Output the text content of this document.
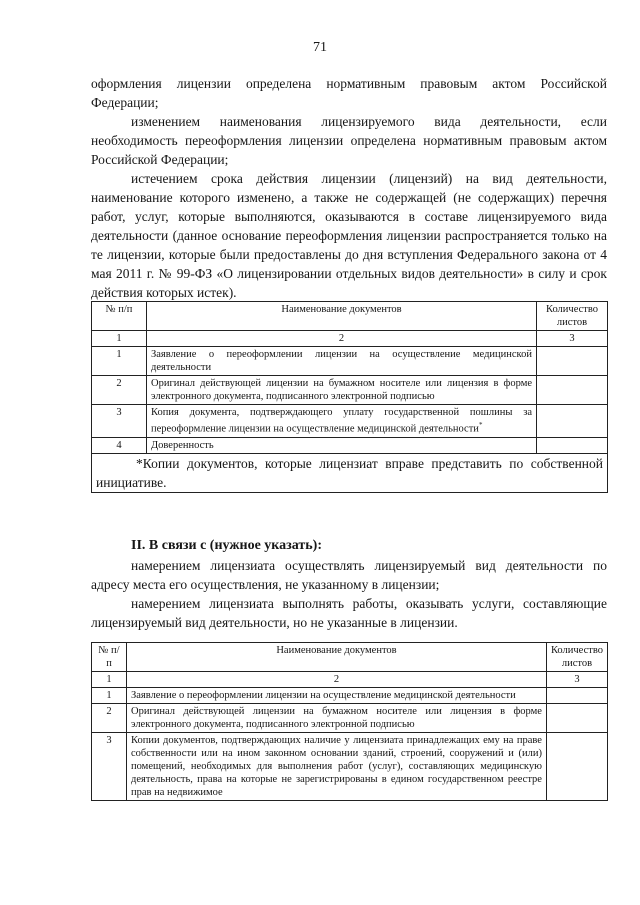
71

оформления лицензии определена нормативным правовым актом Российской Федерации;

изменением наименования лицензируемого вида деятельности, если необходимость переоформления лицензии определена нормативным правовым актом Российской Федерации;

истечением срока действия лицензии (лицензий) на вид деятельности, наименование которого изменено, а также не содержащей (не содержащих) перечня работ, услуг, которые выполняются, оказываются в составе лицензируемого вида деятельности (данное основание переоформления лицензии распространяется только на те лицензии, которые были предоставлены до дня вступления Федерального закона от 4 мая 2011 г. № 99-ФЗ «О лицензировании отдельных видов деятельности» в силу и срок действия которых истек).

№ п/п	Наименование документов	Количество листов
1	2	3
1	Заявление о переоформлении лицензии на осуществление медицинской деятельности	
2	Оригинал действующей лицензии на бумажном носителе или лицензия в форме электронного документа, подписанного электронной подписью	
3	Копия документа, подтверждающего уплату государственной пошлины за переоформление лицензии на осуществление медицинской деятельности*	
4	Доверенность	
*Копии документов, которые лицензиат вправе представить по собственной инициативе.		

II. В связи с (нужное указать):

намерением лицензиата осуществлять лицензируемый вид деятельности по адресу места его осуществления, не указанному в лицензии;

намерением лицензиата выполнять работы, оказывать услуги, составляющие лицензируемый вид деятельности, но не указанные в лицензии.

№ п/п	Наименование документов	Количество листов
1	2	3
1	Заявление о переоформлении лицензии на осуществление медицинской деятельности	
2	Оригинал действующей лицензии на бумажном носителе или лицензия в форме электронного документа, подписанного электронной подписью	
3	Копии документов, подтверждающих наличие у лицензиата принадлежащих ему на праве собственности или на ином законном основании зданий, строений, сооружений и (или) помещений, необходимых для выполнения работ (услуг), составляющих медицинскую деятельность, права на которые не зарегистрированы в едином государственном реестре прав на недвижимое	
